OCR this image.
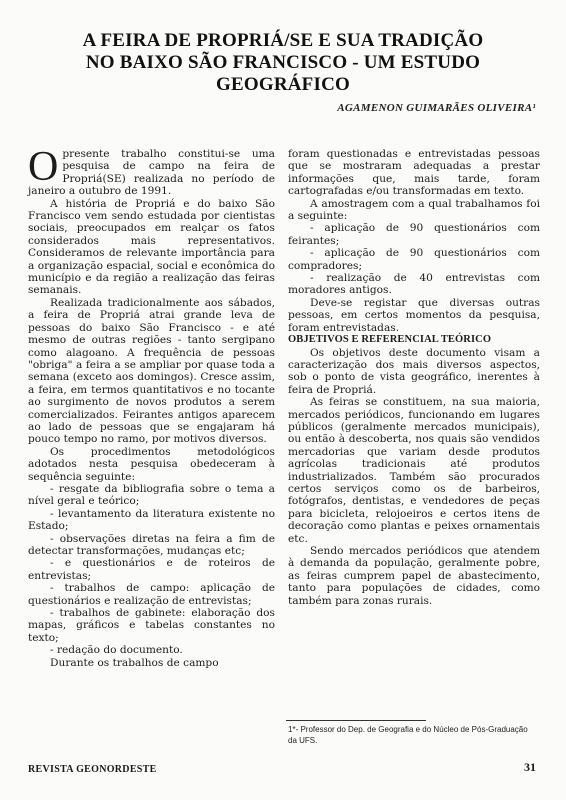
A FEIRA DE PROPRIÁ/SE E SUA TRADIÇÃO
NO BAIXO SÃO FRANCISCO - UM ESTUDO
GEOGRÁFICO
AGAMENON GUIMARÃES OLIVEIRA¹

Opresente trabalho constitui-se uma pesquisa de campo na feira de Propriá(SE) realizada no período de janeiro a outubro de 1991.

A história de Propriá e do baixo São Francisco vem sendo estudada por cientistas sociais, preocupados em realçar os fatos considerados mais representativos. Consideramos de relevante importância para a organização espacial, social e econômica do município e da região a realização das feiras semanais.

Realizada tradicionalmente aos sábados, a feira de Propriá atrai grande leva de pessoas do baixo São Francisco - e até mesmo de outras regiões - tanto sergipano como alagoano. A frequência de pessoas "obriga" a feira a se ampliar por quase toda a semana (exceto aos domingos). Cresce assim, a feira, em termos quantitativos e no tocante ao surgimento de novos produtos a serem comercializados. Feirantes antigos aparecem ao lado de pessoas que se engajaram há pouco tempo no ramo, por motivos diversos.

Os procedimentos metodológicos adotados nesta pesquisa obedeceram à sequência seguinte:

- resgate da bibliografia sobre o tema a nível geral e teórico;

- levantamento da literatura existente no Estado;

- observações diretas na feira a fim de detectar transformações, mudanças etc;

- e questionários e de roteiros de entrevistas;

- trabalhos de campo: aplicação de questionários e realização de entrevistas;

- trabalhos de gabinete: elaboração dos mapas, gráficos e tabelas constantes no texto;

- redação do documento.

Durante os trabalhos de campo

foram questionadas e entrevistadas pessoas que se mostraram adequadas a prestar informações que, mais tarde, foram cartografadas e/ou transformadas em texto.

A amostragem com a qual trabalhamos foi a seguinte:

- aplicação de 90 questionários com feirantes;

- aplicação de 90 questionários com compradores;

- realização de 40 entrevistas com moradores antigos.

Deve-se registar que diversas outras pessoas, em certos momentos da pesquisa, foram entrevistadas.

OBJETIVOS E REFERENCIAL TEÓRICO

Os objetivos deste documento visam a caracterização dos mais diversos aspectos, sob o ponto de vista geográfico, inerentes à feira de Propriá.

As feiras se constituem, na sua maioria, mercados periódicos, funcionando em lugares públicos (geralmente mercados municipais), ou então à descoberta, nos quais são vendidos mercadorias que variam desde produtos agrícolas tradicionais até produtos industrializados. Também são procurados certos serviços como os de barbeiros, fotógrafos, dentistas, e vendedores de peças para bicicleta, relojoeiros e certos itens de decoração como plantas e peixes ornamentais etc.

Sendo mercados periódicos que atendem à demanda da população, geralmente pobre, as feiras cumprem papel de abastecimento, tanto para populações de cidades, como também para zonas rurais.

1*- Professor do Dep. de Geografia e do Núcleo de Pós-Graduação da UFS.
REVISTA GEONORDESTE	31
